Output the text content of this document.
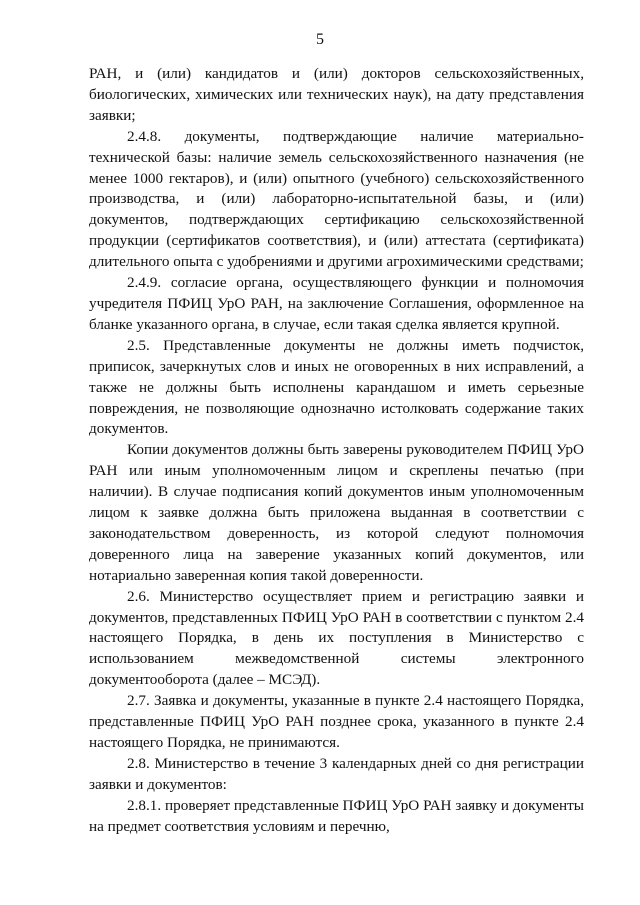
5

РАН, и (или) кандидатов и (или) докторов сельскохозяйственных, биологических, химических или технических наук), на дату представления заявки;

2.4.8. документы, подтверждающие наличие материально-технической базы: наличие земель сельскохозяйственного назначения (не менее 1000 гектаров), и (или) опытного (учебного) сельскохозяйственного производства, и (или) лабораторно-испытательной базы, и (или) документов, подтверждающих сертификацию сельскохозяйственной продукции (сертификатов соответствия), и (или) аттестата (сертификата) длительного опыта с удобрениями и другими агрохимическими средствами;

2.4.9. согласие органа, осуществляющего функции и полномочия учредителя ПФИЦ УрО РАН, на заключение Соглашения, оформленное на бланке указанного органа, в случае, если такая сделка является крупной.

2.5. Представленные документы не должны иметь подчисток, приписок, зачеркнутых слов и иных не оговоренных в них исправлений, а также не должны быть исполнены карандашом и иметь серьезные повреждения, не позволяющие однозначно истолковать содержание таких документов.

Копии документов должны быть заверены руководителем ПФИЦ УрО РАН или иным уполномоченным лицом и скреплены печатью (при наличии). В случае подписания копий документов иным уполномоченным лицом к заявке должна быть приложена выданная в соответствии с законодательством доверенность, из которой следуют полномочия доверенного лица на заверение указанных копий документов, или нотариально заверенная копия такой доверенности.

2.6. Министерство осуществляет прием и регистрацию заявки и документов, представленных ПФИЦ УрО РАН в соответствии с пунктом 2.4 настоящего Порядка, в день их поступления в Министерство с использованием межведомственной системы электронного документооборота (далее – МСЭД).

2.7. Заявка и документы, указанные в пункте 2.4 настоящего Порядка, представленные ПФИЦ УрО РАН позднее срока, указанного в пункте 2.4 настоящего Порядка, не принимаются.

2.8. Министерство в течение 3 календарных дней со дня регистрации заявки и документов:

2.8.1. проверяет представленные ПФИЦ УрО РАН заявку и документы на предмет соответствия условиям и перечню,
